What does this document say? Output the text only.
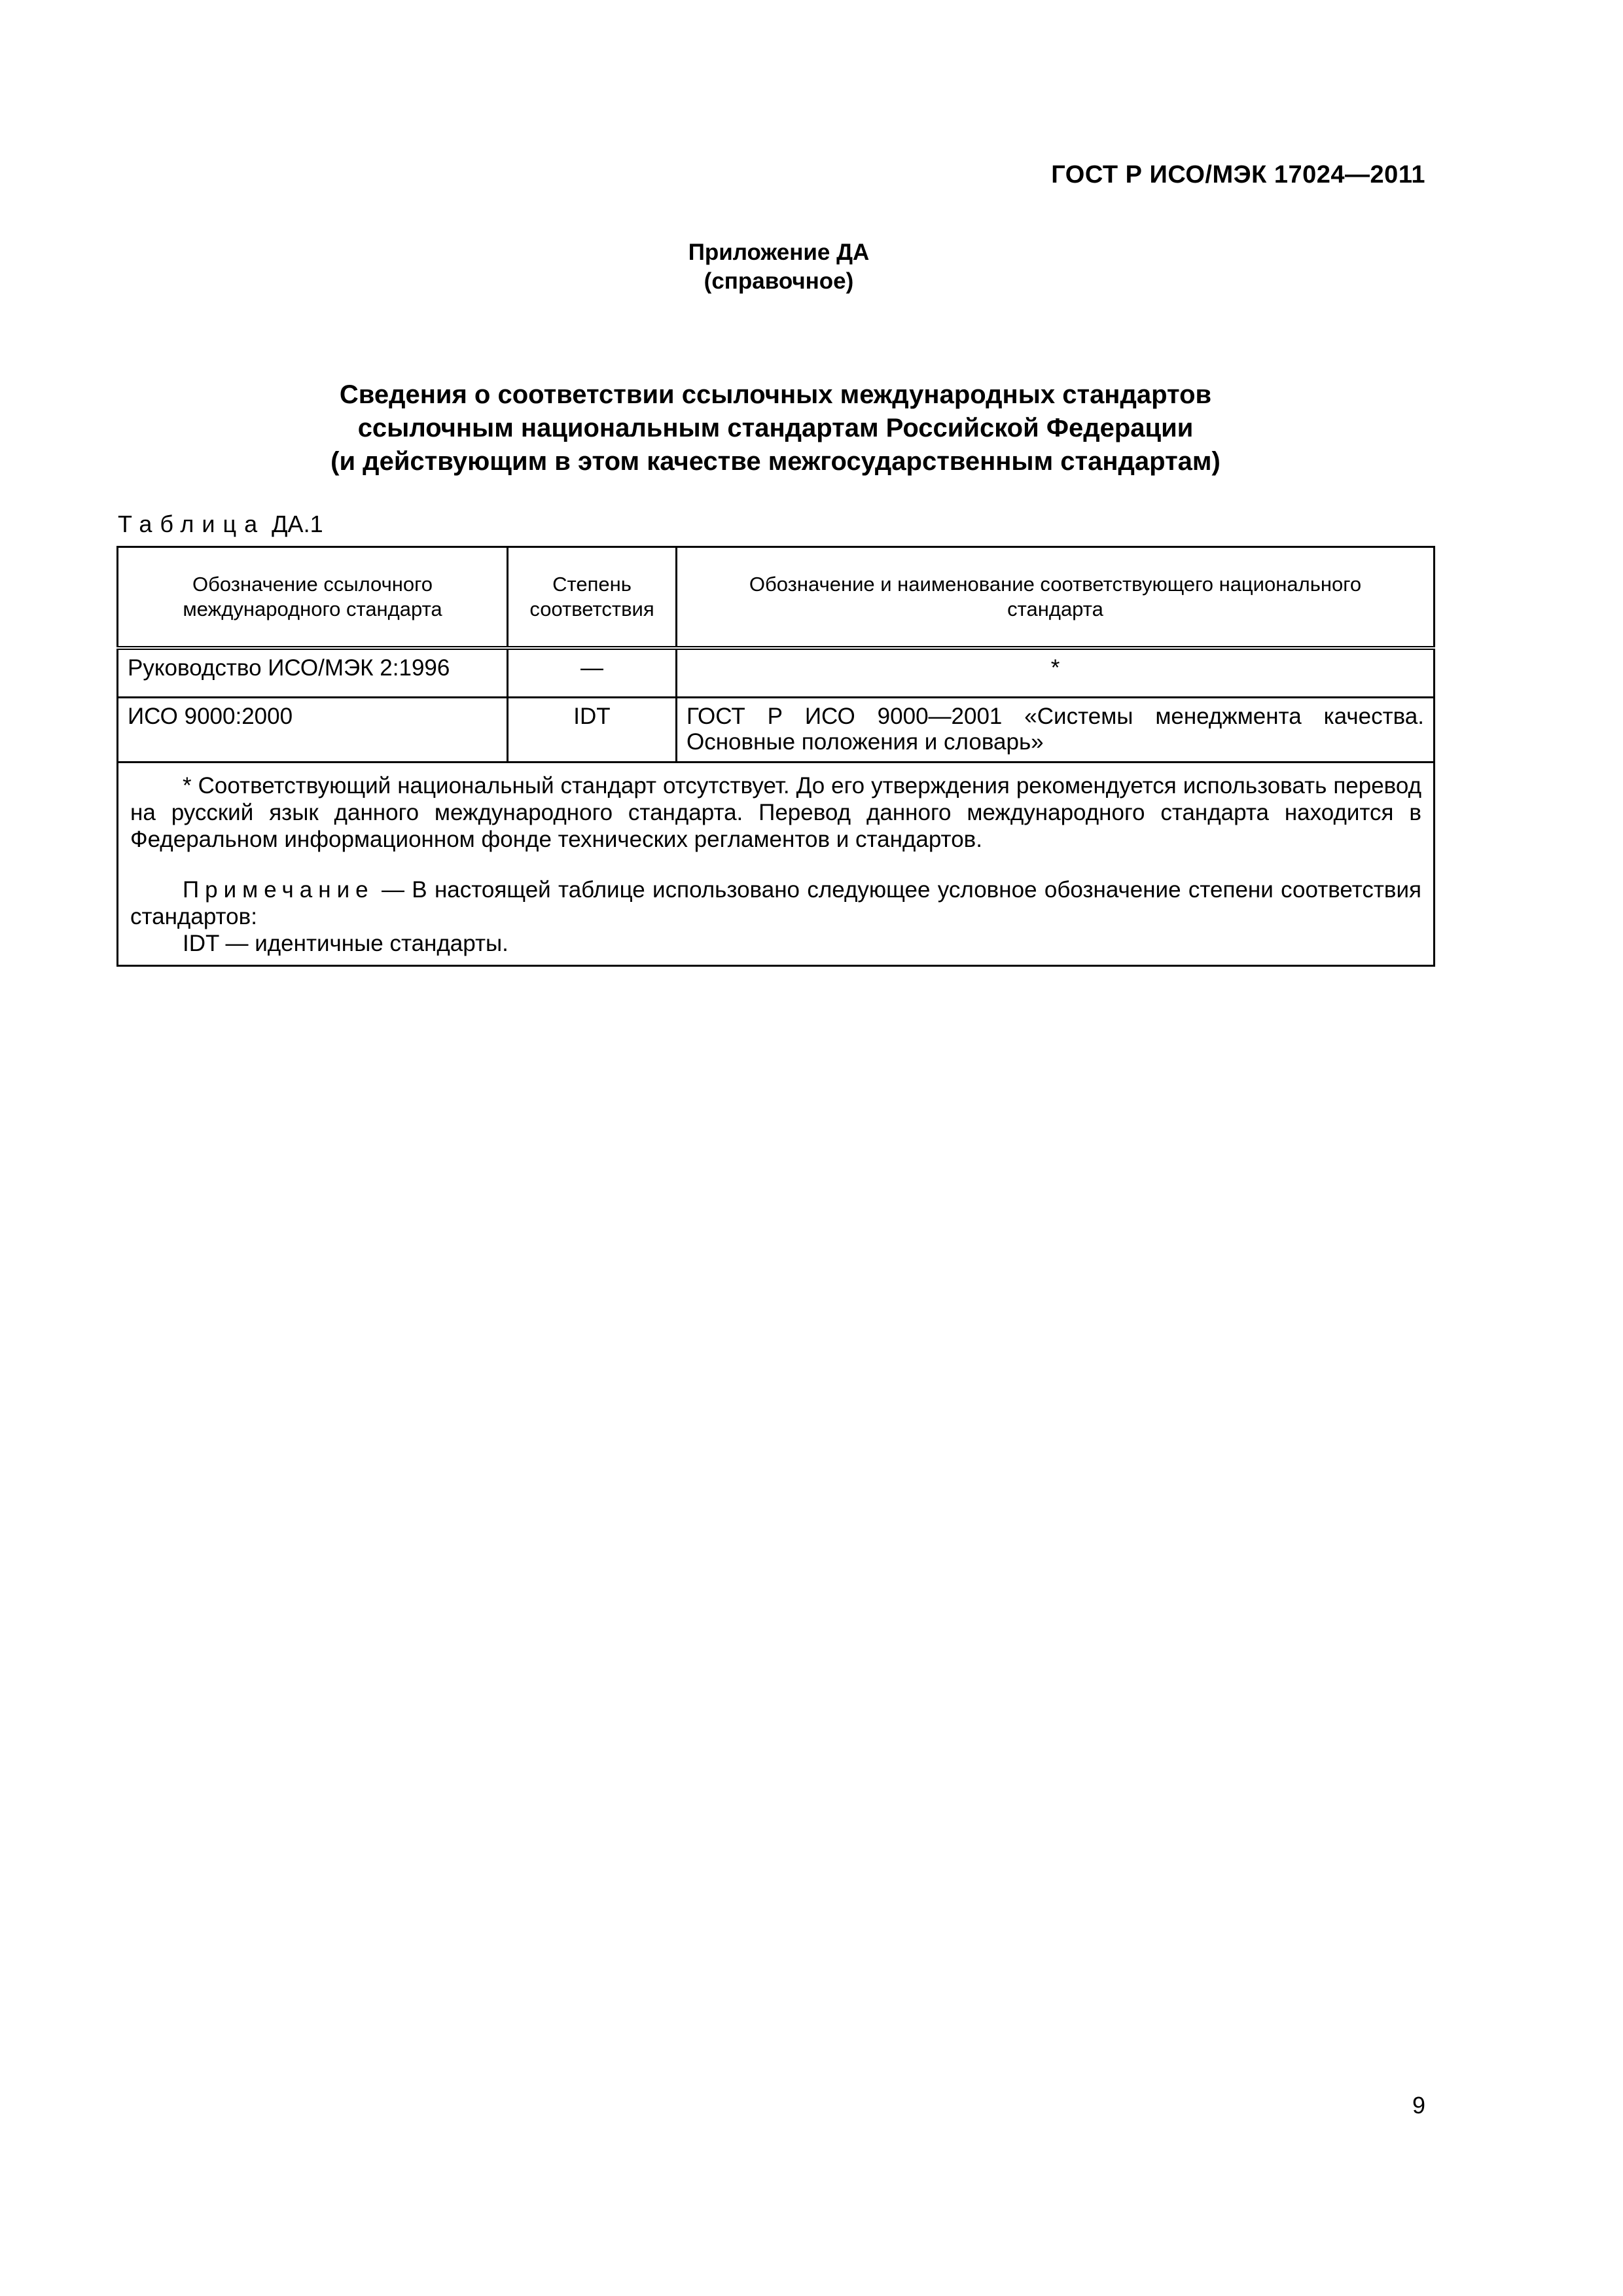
ГОСТ Р ИСО/МЭК 17024—2011
Приложение ДА
(справочное)
Сведения о соответствии ссылочных международных стандартов
ссылочным национальным стандартам Российской Федерации
(и действующим в этом качестве межгосударственным стандартам)
Таблица ДА.1
Обозначение ссылочного международного стандарта	Степень соответствия	Обозначение и наименование соответствующего национального стандарта

Руководство ИСО/МЭК 2:1996	—	*

ИСО 9000:2000	IDT	ГОСТ Р ИСО 9000—2001 «Системы менеджмента качества. Основные положения и словарь»

* Соответствующий национальный стандарт отсутствует. До его утверждения рекомендуется использовать перевод на русский язык данного международного стандарта. Перевод данного международного стандарта находится в Федеральном информационном фонде технических регламентов и стандартов.

Примечание — В настоящей таблице использовано следующее условное обозначение степени соответствия стандартов:

IDT — идентичные стандарты.		
9
